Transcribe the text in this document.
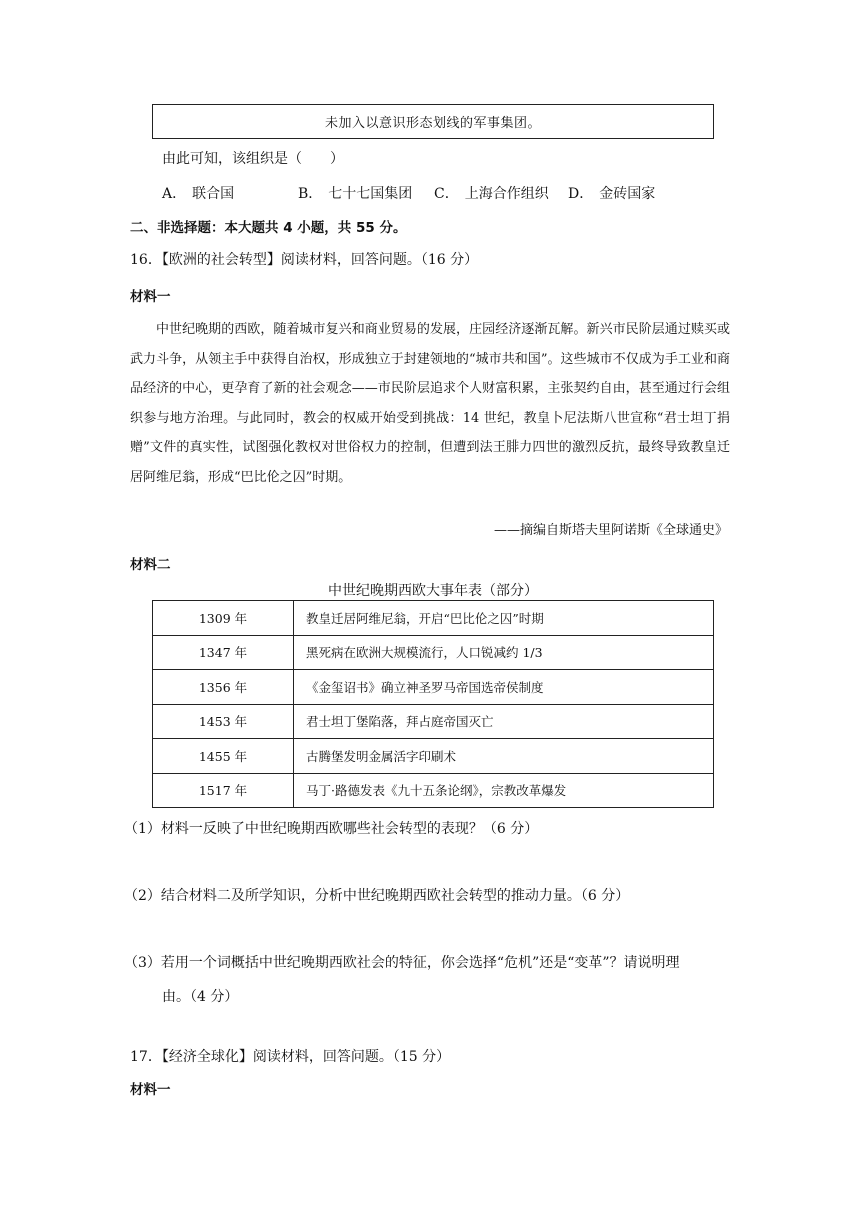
未加入以意识形态划线的军事集团。
由此可知，该组织是（　　）
A． 联合国	B． 七十七国集团 C． 上海合作组织 D． 金砖国家
二、非选择题：本大题共 4 小题，共 55 分。
16．【欧洲的社会转型】阅读材料，回答问题。（16 分）
材料一
中世纪晚期的西欧，随着城市复兴和商业贸易的发展，庄园经济逐渐瓦解。新兴市民阶层通过赎买或武力斗争，从领主手中获得自治权，形成独立于封建领地的“城市共和国”。这些城市不仅成为手工业和商品经济的中心，更孕育了新的社会观念——市民阶层追求个人财富积累，主张契约自由，甚至通过行会组织参与地方治理。与此同时，教会的权威开始受到挑战：14 世纪，教皇卜尼法斯八世宣称“君士坦丁捐赠”文件的真实性，试图强化教权对世俗权力的控制，但遭到法王腓力四世的激烈反抗，最终导致教皇迁居阿维尼翁，形成“巴比伦之囚”时期。
——摘编自斯塔夫里阿诺斯《全球通史》
材料二
中世纪晚期西欧大事年表（部分）
1309 年	教皇迁居阿维尼翁，开启“巴比伦之囚”时期
1347 年	黑死病在欧洲大规模流行，人口锐减约 1/3
1356 年	《金玺诏书》确立神圣罗马帝国选帝侯制度
1453 年	君士坦丁堡陷落，拜占庭帝国灭亡
1455 年	古腾堡发明金属活字印刷术
1517 年	马丁·路德发表《九十五条论纲》，宗教改革爆发
（1）材料一反映了中世纪晚期西欧哪些社会转型的表现？（6 分）
（2）结合材料二及所学知识，分析中世纪晚期西欧社会转型的推动力量。（6 分）
（3）若用一个词概括中世纪晚期西欧社会的特征，你会选择“危机”还是“变革”？请说明理
由。（4 分）
17．【经济全球化】阅读材料，回答问题。（15 分）
材料一
